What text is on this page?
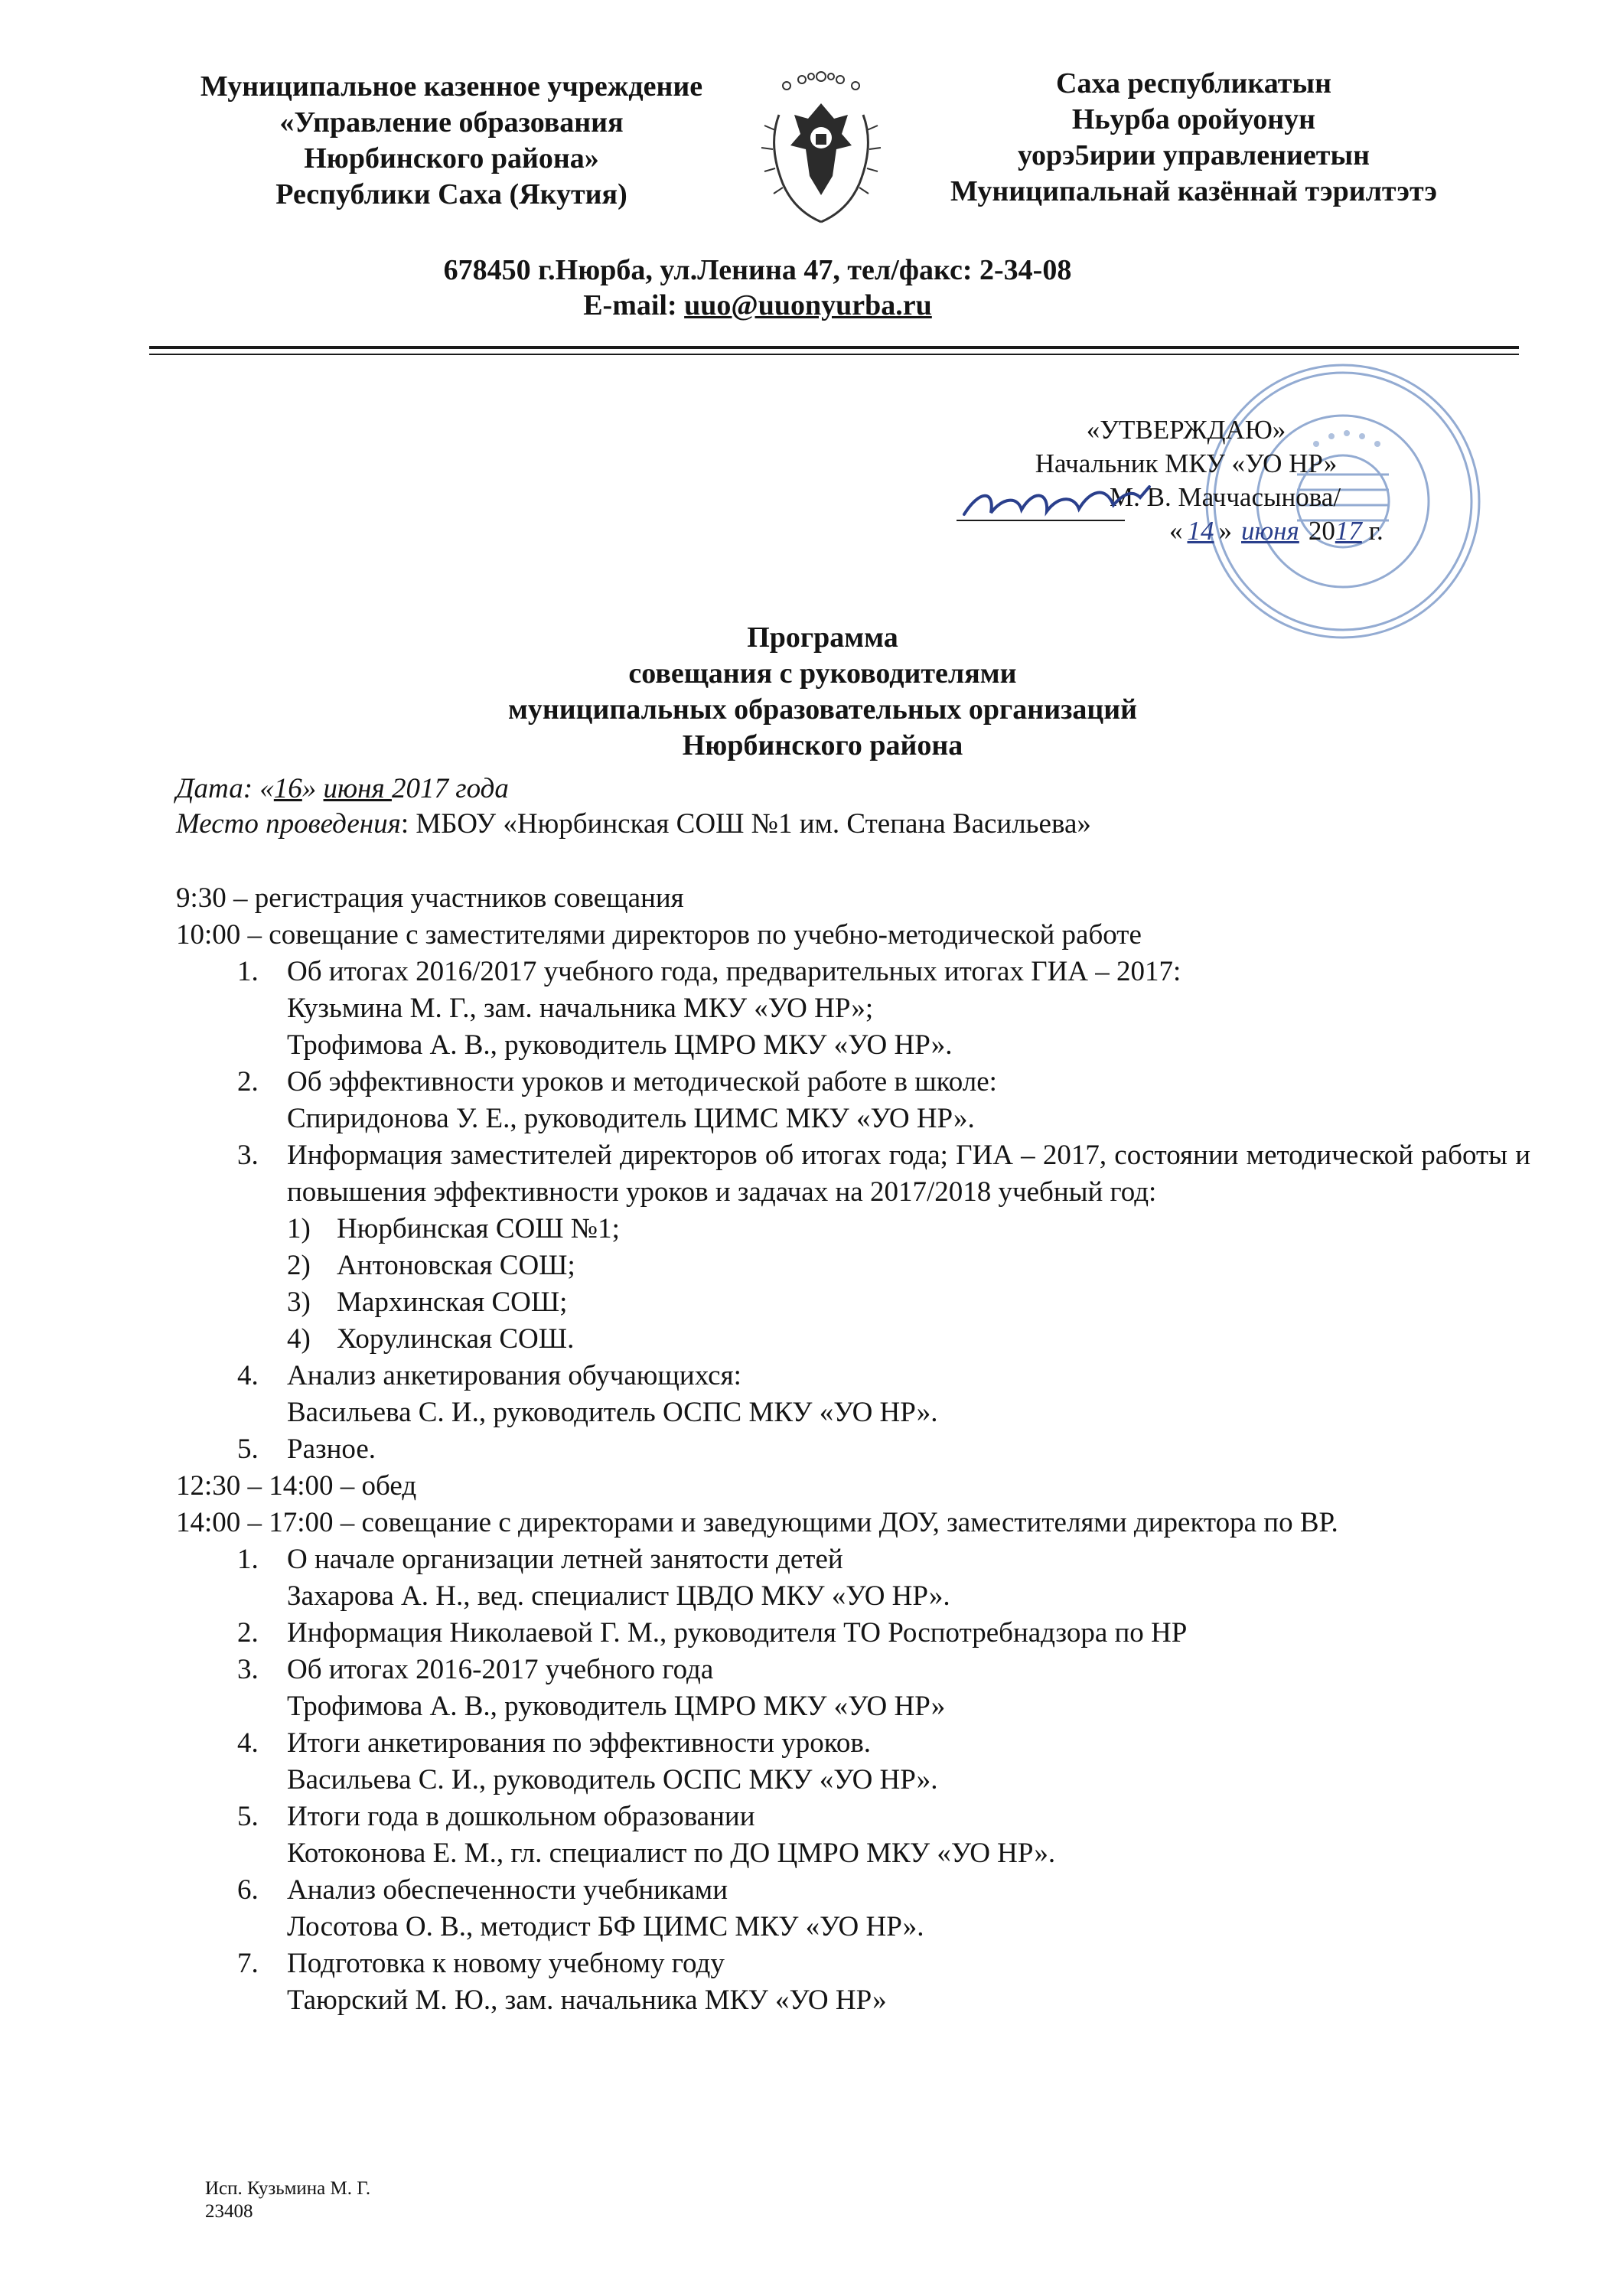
Муниципальное казенное учреждение
«Управление образования
Нюрбинского района»
Республики Саха (Якутия)
Саха республикатын
Ньурба оройуонун
уорэ5ирии управлениетын
Муниципальнай казённай тэрилтэтэ
678450 г.Нюрба, ул.Ленина 47, тел/факс: 2-34-08
E-mail: uuo@uuonyurba.ru
«УТВЕРЖДАЮ»
Начальник МКУ «УО НР»
М. В. Маччасынова/
« 14 » июня 2017 г.
Программа
совещания с руководителями
муниципальных образовательных организаций
Нюрбинского района
Дата: «16» июня 2017 года
Место проведения: МБОУ «Нюрбинская СОШ №1 им. Степана Васильева»
9:30 – регистрация участников совещания
10:00 – совещание с заместителями директоров по учебно-методической работе
1. Об итогах 2016/2017 учебного года, предварительных итогах ГИА – 2017:
Кузьмина М. Г., зам. начальника МКУ «УО НР»;
Трофимова А. В., руководитель ЦМРО МКУ «УО НР».
2. Об эффективности уроков и методической работе в школе:
Спиридонова У. Е., руководитель ЦИМС МКУ «УО НР».
3. Информация заместителей директоров об итогах года; ГИА – 2017, состоянии методической работы и повышения эффективности уроков и задачах на 2017/2018 учебный год:
1) Нюрбинская СОШ №1;
2) Антоновская СОШ;
3) Мархинская СОШ;
4) Хорулинская СОШ.
4. Анализ анкетирования обучающихся:
Васильева С. И., руководитель ОСПС МКУ «УО НР».
5. Разное.
12:30 – 14:00 – обед
14:00 – 17:00 – совещание с директорами и заведующими ДОУ, заместителями директора по ВР.
1. О начале организации летней занятости детей
Захарова А. Н., вед. специалист ЦВДО МКУ «УО НР».
2. Информация Николаевой Г. М., руководителя ТО Роспотребнадзора по НР
3. Об итогах 2016-2017 учебного года
Трофимова А. В., руководитель ЦМРО МКУ «УО НР»
4. Итоги анкетирования по эффективности уроков.
Васильева С. И., руководитель ОСПС МКУ «УО НР».
5. Итоги года в дошкольном образовании
Котоконова Е. М., гл. специалист по ДО ЦМРО МКУ «УО НР».
6. Анализ обеспеченности учебниками
Лосотова О. В., методист БФ ЦИМС МКУ «УО НР».
7. Подготовка к новому учебному году
Таюрский М. Ю., зам. начальника МКУ «УО НР»
Исп. Кузьмина М. Г.
23408
